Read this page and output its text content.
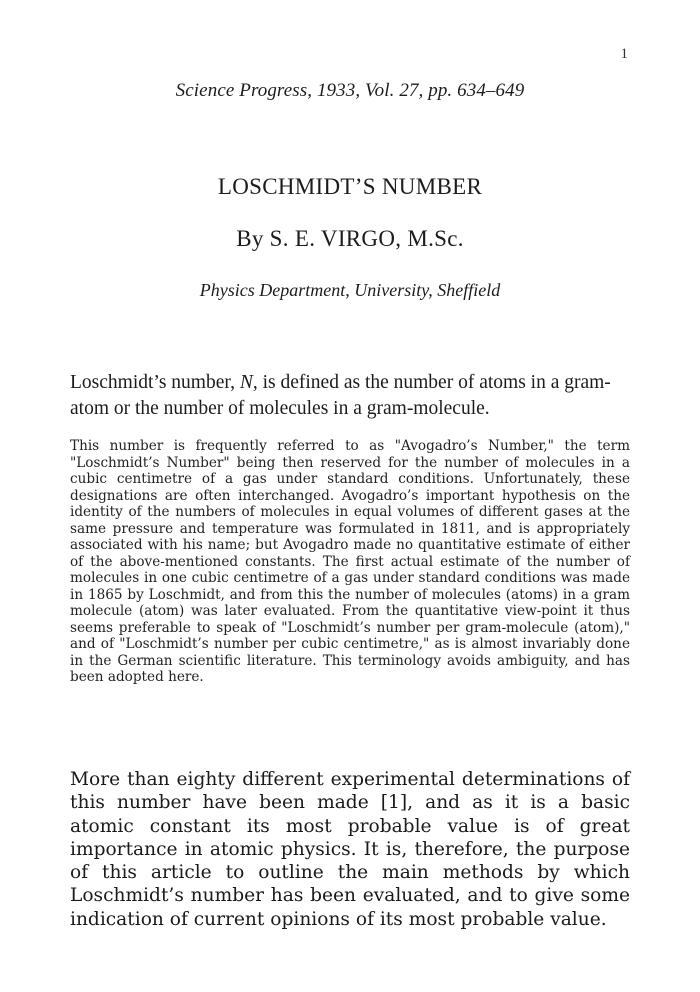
1
Science Progress, 1933, Vol. 27, pp. 634–649
LOSCHMIDT’S NUMBER
By S. E. VIRGO, M.Sc.
Physics Department, University, Sheffield

Loschmidt’s number, N, is defined as the number of atoms in a gram-atom or the number of molecules in a gram-molecule.

This number is frequently referred to as "Avogadro’s Number," the term "Loschmidt’s Number" being then reserved for the number of molecules in a cubic centimetre of a gas under standard conditions. Unfortunately, these designations are often interchanged. Avogadro’s important hypothesis on the identity of the numbers of molecules in equal volumes of different gases at the same pressure and temperature was formulated in 1811, and is appropriately associated with his name; but Avogadro made no quantitative estimate of either of the above-mentioned constants. The first actual estimate of the number of molecules in one cubic centimetre of a gas under standard conditions was made in 1865 by Loschmidt, and from this the number of molecules (atoms) in a gram molecule (atom) was later evaluated. From the quantitative view-point it thus seems preferable to speak of "Loschmidt’s number per gram-molecule (atom)," and of "Loschmidt’s number per cubic centimetre," as is almost invariably done in the German scientific literature. This terminology avoids ambiguity, and has been adopted here.

More than eighty different experimental determinations of this number have been made [1], and as it is a basic atomic constant its most probable value is of great importance in atomic physics. It is, therefore, the purpose of this article to outline the main methods by which Loschmidt’s number has been evaluated, and to give some indication of current opinions of its most probable value.
